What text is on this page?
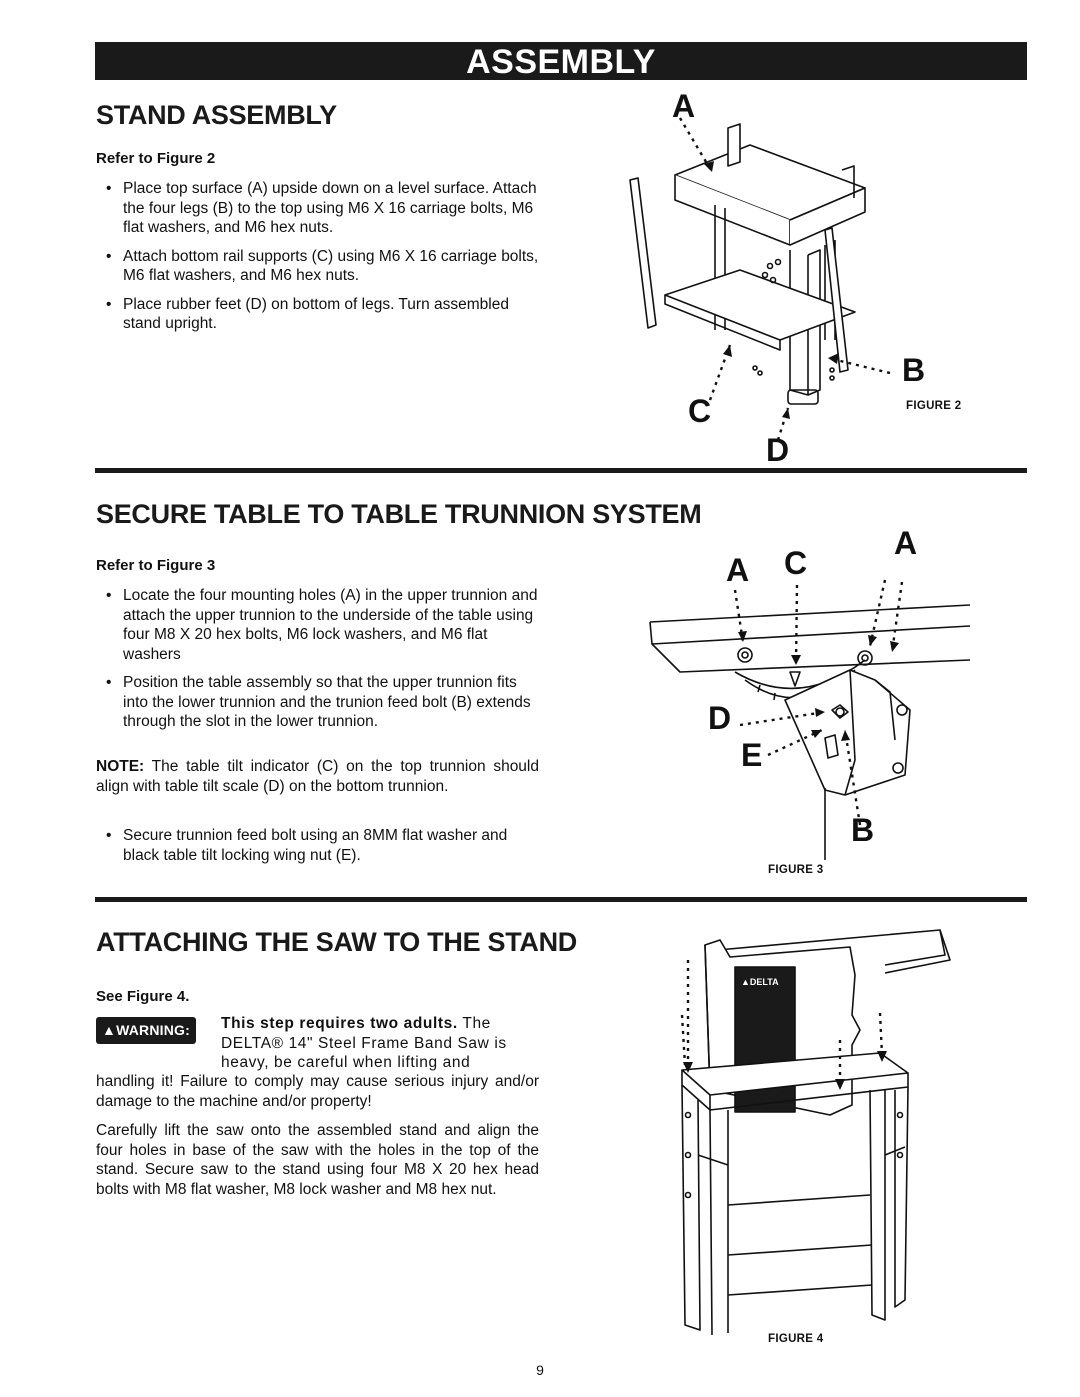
ASSEMBLY
STAND ASSEMBLY
Refer to Figure 2
• Place top surface (A) upside down on a level surface. Attach the four legs (B) to the top using M6 X 16 carriage bolts, M6 flat washers, and M6 hex nuts.
• Attach bottom rail supports (C) using M6 X 16 carriage bolts, M6 flat washers, and M6 hex nuts.
• Place rubber feet (D) on bottom of legs. Turn assembled stand upright.
A
B
C
D
FIGURE 2
SECURE TABLE TO TABLE TRUNNION SYSTEM
Refer to Figure 3
• Locate the four mounting holes (A) in the upper trunnion and attach the upper trunnion to the underside of the table using four M8 X 20 hex bolts, M6 lock washers, and M6 flat washers
• Position the table assembly so that the upper trunnion fits into the lower trunnion and the trunion feed bolt (B) extends through the slot in the lower trunnion.

NOTE: The table tilt indicator (C) on the top trunnion should align with table tilt scale (D) on the bottom trunnion.

• Secure trunnion feed bolt using an 8MM flat washer and black table tilt locking wing nut (E).
A C
A
D
E
B
FIGURE 3
ATTACHING THE SAW TO THE STAND
See Figure 4.
▲WARNING:	This step requires two adults. The
DELTA® 14" Steel Frame Band Saw is
heavy, be careful when lifting and
handling it! Failure to comply may cause serious injury and/or damage to the machine and/or property!

Carefully lift the saw onto the assembled stand and align the four holes in base of the saw with the holes in the top of the stand. Secure saw to the stand using four M8 X 20 hex head bolts with M8 flat washer, M8 lock washer and M8 hex nut.

▲DELTA
FIGURE 4
9
